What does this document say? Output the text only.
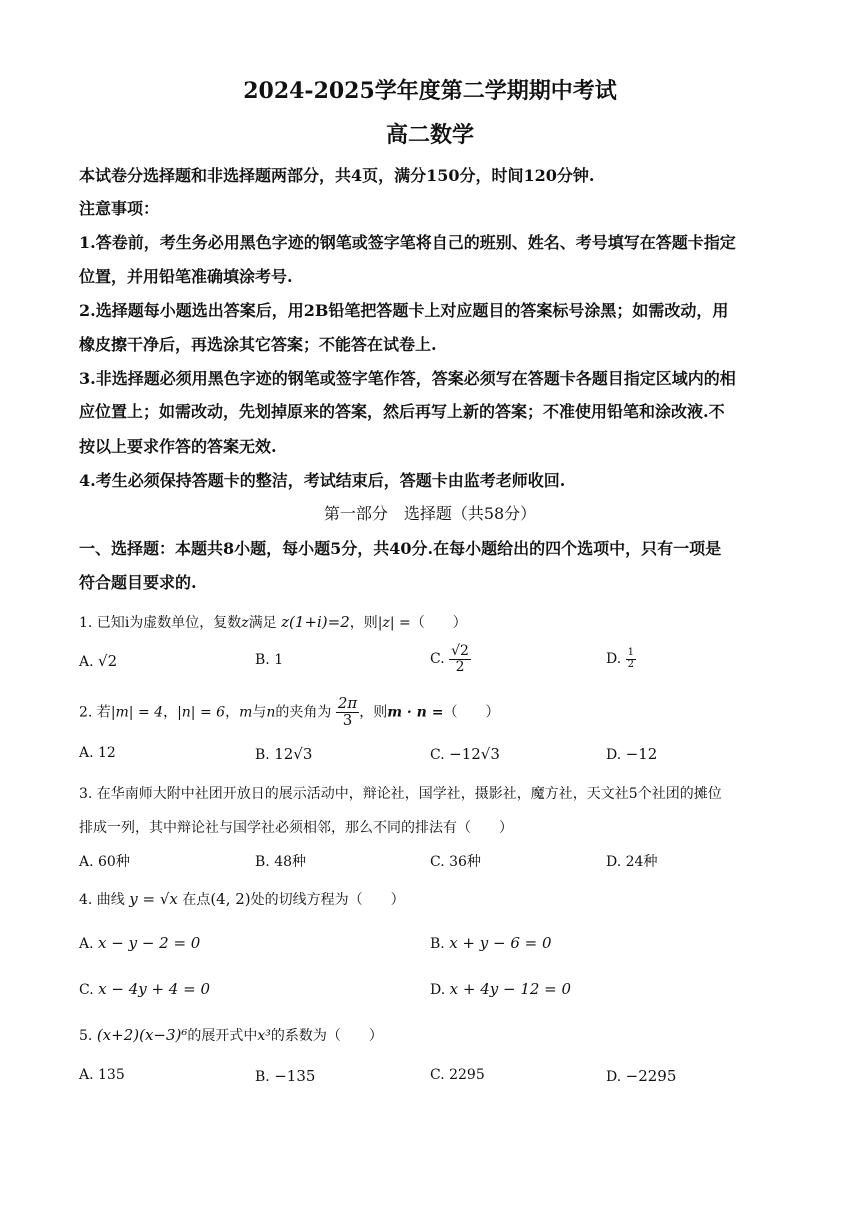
2024-2025学年度第二学期期中考试
高二数学
本试卷分选择题和非选择题两部分，共4页，满分150分，时间120分钟.
注意事项：
1.答卷前，考生务必用黑色字迹的钢笔或签字笔将自己的班别、姓名、考号填写在答题卡指定
位置，并用铅笔准确填涂考号.
2.选择题每小题选出答案后，用2B铅笔把答题卡上对应题目的答案标号涂黑；如需改动，用
橡皮擦干净后，再选涂其它答案；不能答在试卷上.
3.非选择题必须用黑色字迹的钢笔或签字笔作答，答案必须写在答题卡各题目指定区域内的相
应位置上；如需改动，先划掉原来的答案，然后再写上新的答案；不准使用铅笔和涂改液.不
按以上要求作答的答案无效.
4.考生必须保持答题卡的整洁，考试结束后，答题卡由监考老师收回.
第一部分　选择题（共58分）
一、选择题：本题共8小题，每小题5分，共40分.在每小题给出的四个选项中，只有一项是
符合题目要求的.
1. 已知i为虚数单位，复数z满足 z(1+i)=2，则|z| =（　　）
A. √2	B. 1	C. $\frac{√2}{2}$	D. $\frac{1}{2}$
2. 若|m| = 4，|n| = 6，m与n的夹角为 $\frac{2\pi}{3}$ ，则m · n =（　　）
A. 12	B. 12√3	C. −12√3	D. −12
3. 在华南师大附中社团开放日的展示活动中，辩论社，国学社，摄影社，魔方社，天文社5个社团的摊位
排成一列，其中辩论社与国学社必须相邻，那么不同的排法有（　　）
A. 60种	B. 48种	C. 36种	D. 24种
4. 曲线 y = √x 在点(4, 2)处的切线方程为（　　）
A. x − y − 2 = 0	B. x + y − 6 = 0
C. x − 4y + 4 = 0	D. x + 4y − 12 = 0
5. (x+2)(x−3)⁶的展开式中x³的系数为（　　）
A. 135	B. −135	C. 2295	D. −2295
